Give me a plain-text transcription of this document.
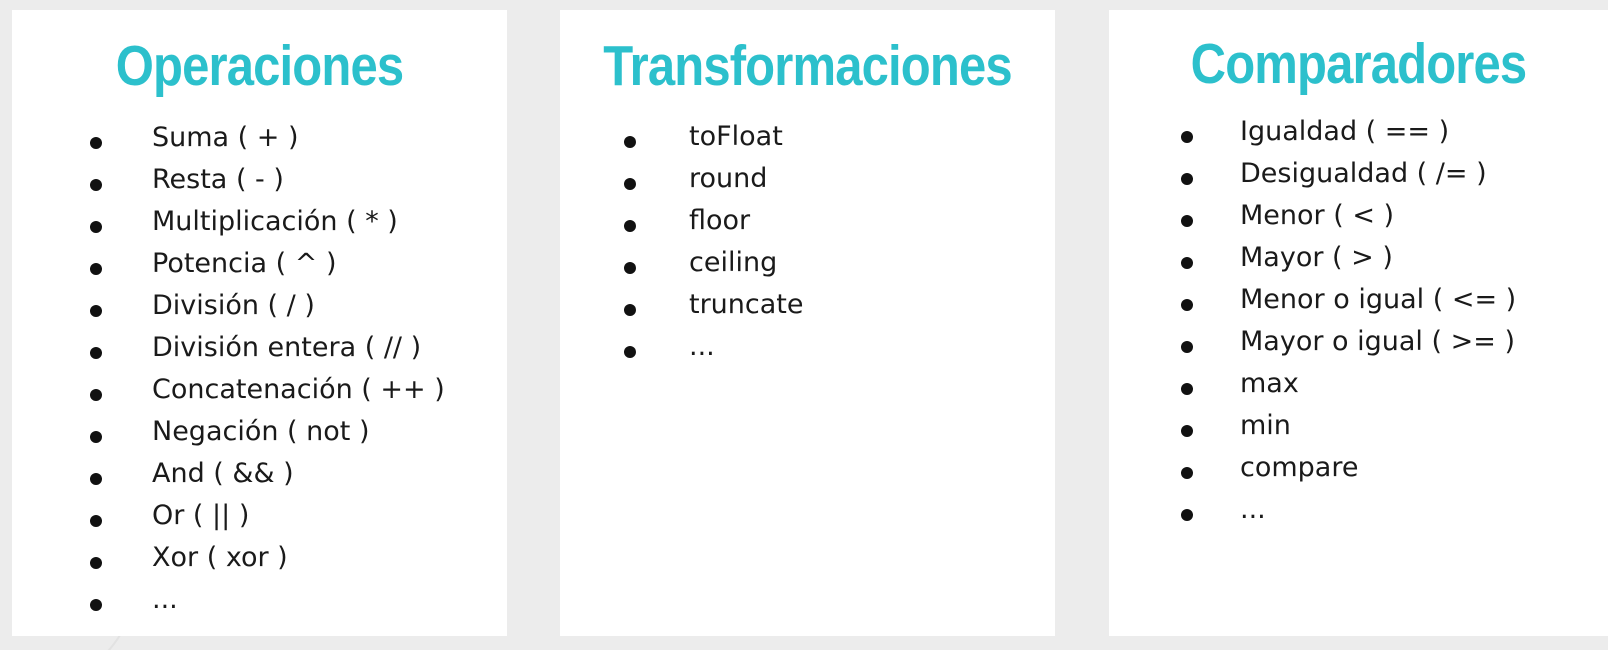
Operaciones
Suma ( + )
Resta ( - )
Multiplicación ( * )
Potencia ( ^ )
División ( / )
División entera ( // )
Concatenación ( ++ )
Negación ( not )
And ( && )
Or ( || )
Xor ( xor )
...
Transformaciones
toFloat
round
floor
ceiling
truncate
...
Comparadores
Igualdad ( == )
Desigualdad ( /= )
Menor ( < )
Mayor ( > )
Menor o igual ( <= )
Mayor o igual ( >= )
max
min
compare
...
